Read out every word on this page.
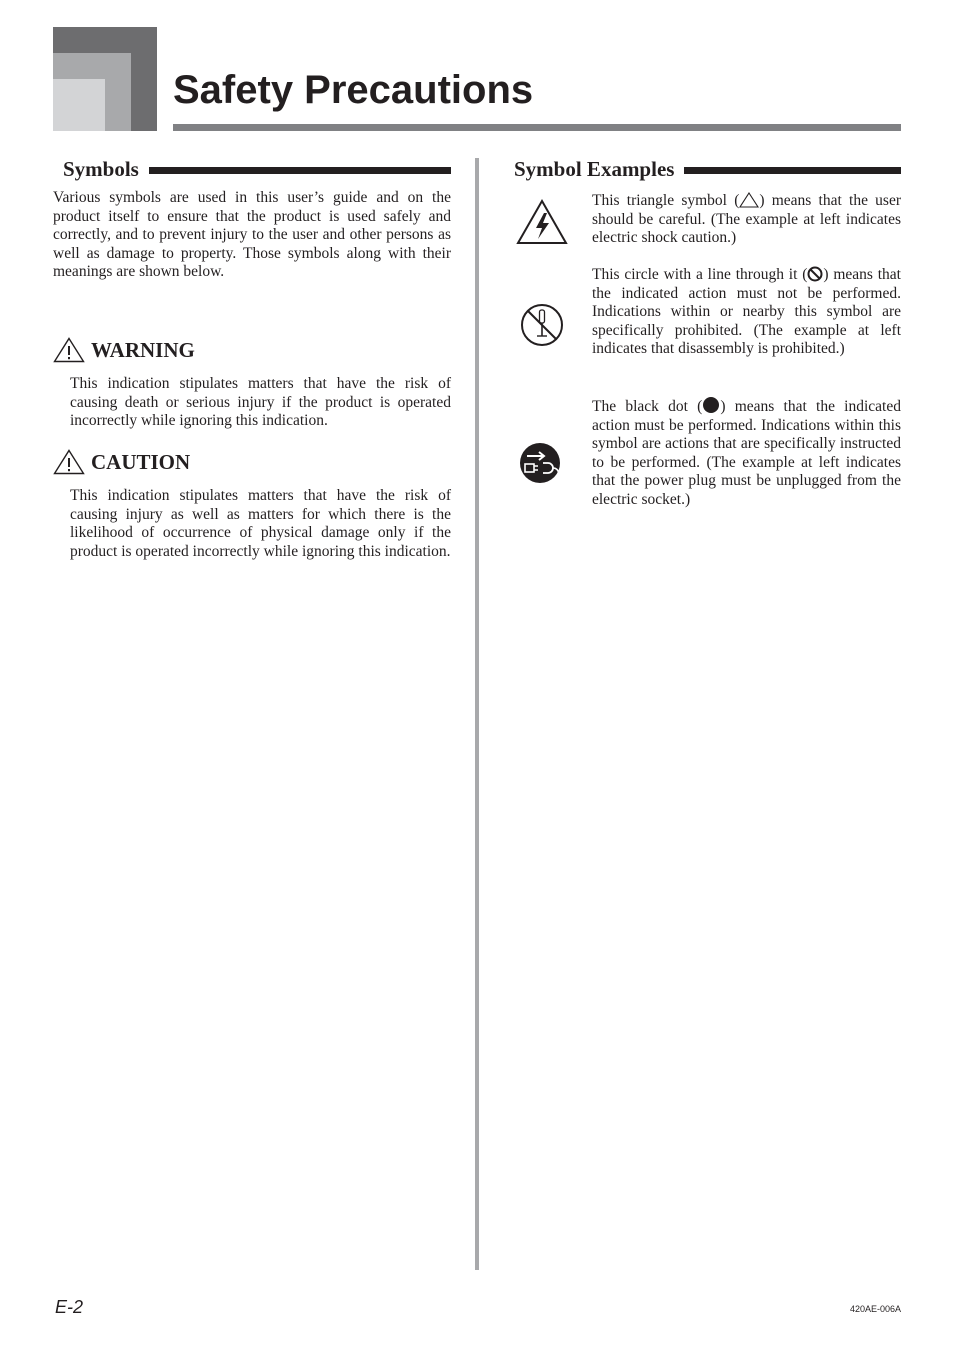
Safety Precautions
Symbols

Various symbols are used in this user’s guide and on the product itself to ensure that the product is used safely and correctly, and to prevent injury to the user and other persons as well as damage to property. Those symbols along with their meanings are shown below.

WARNING

This indication stipulates matters that have the risk of causing death or serious injury if the product is operated incorrectly while ignoring this indication.

CAUTION

This indication stipulates matters that have the risk of causing injury as well as matters for which there is the likelihood of occurrence of physical damage only if the product is operated incorrectly while ignoring this indication.

Symbol Examples

This triangle symbol ( ) means that the user should be careful. (The example at left indicates electric shock caution.)

This circle with a line through it ( ) means that the indicated action must not be performed. Indications within or nearby this symbol are specifically prohibited. (The example at left indicates that disassembly is prohibited.)

The black dot ( ) means that the indicated action must be performed. Indications within this symbol are actions that are specifically instructed to be performed. (The example at left indicates that the power plug must be unplugged from the electric socket.)

E-2	420AE-006A
